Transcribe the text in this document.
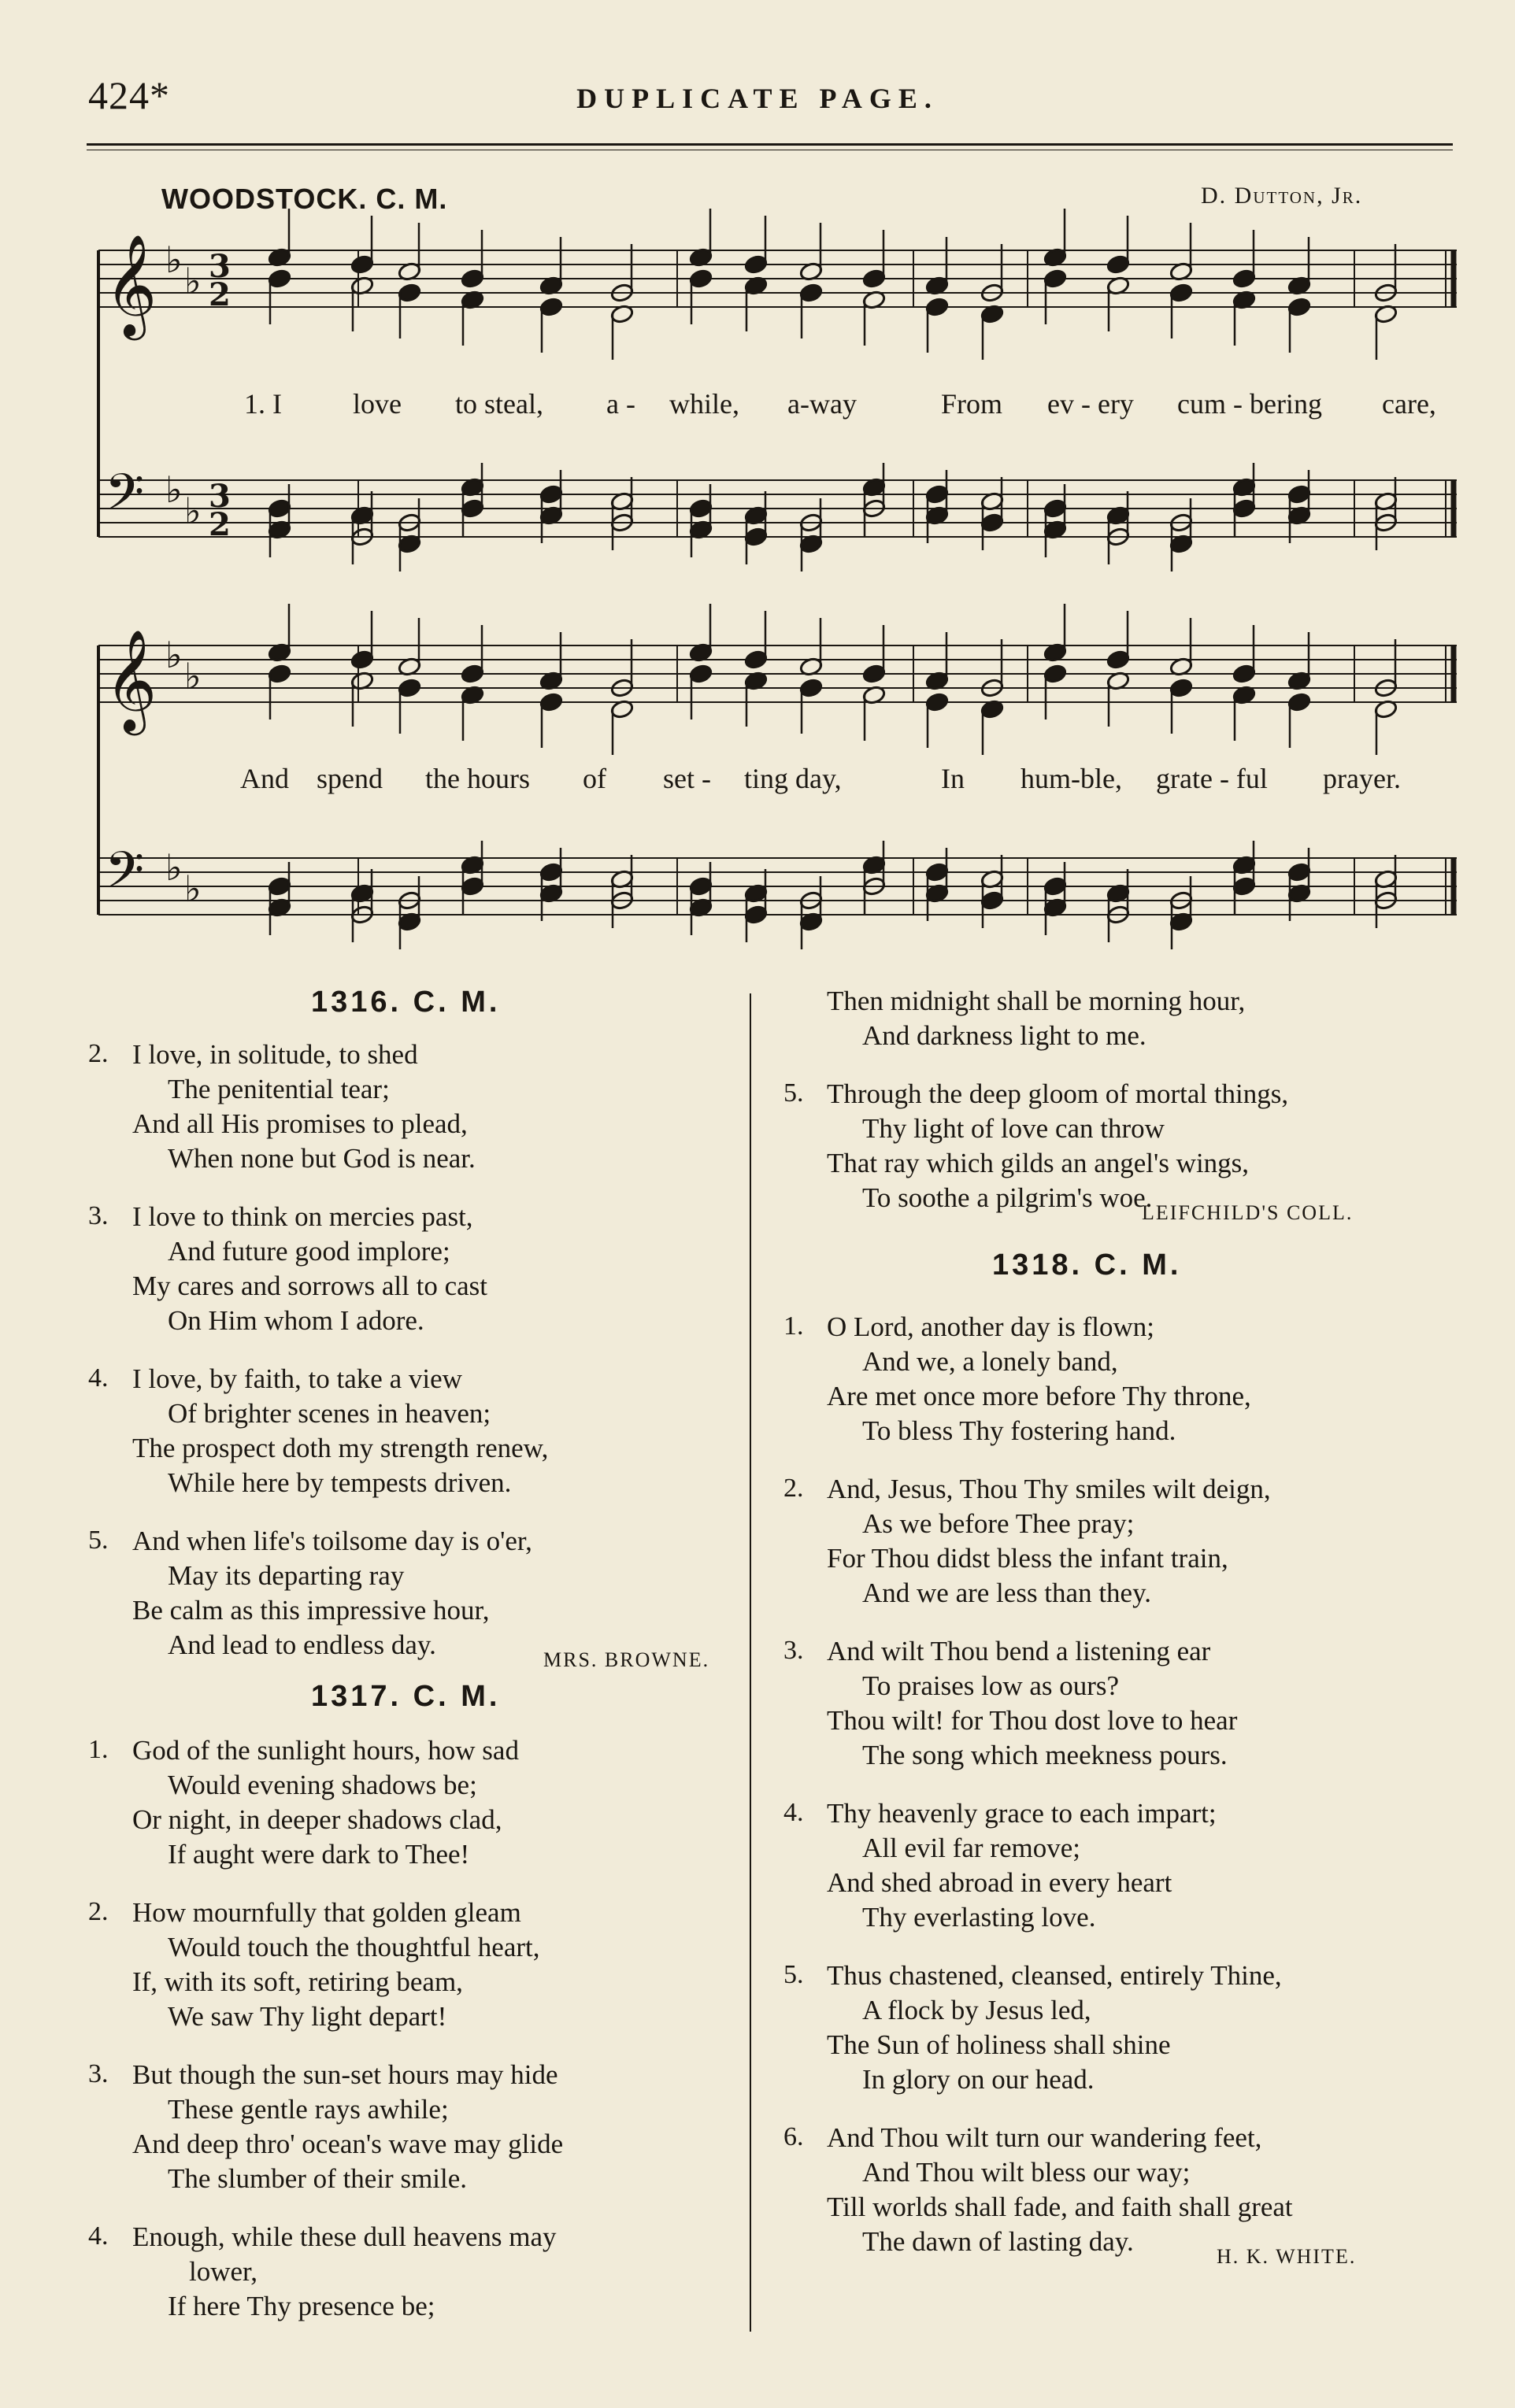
424*	DUPLICATE PAGE.
WOODSTOCK. C. M.	D. Dutton, Jr.
𝄞 ♭ ♭ 3
2
𝄢 ♭ ♭ 3
2
𝄞 ♭ ♭
𝄢 ♭ ♭
1. I	love to steal, a - while, a-way	From ev - ery cum - bering care,
And spend the hours of set - ting day,	In hum-ble, grate - ful prayer.
1316. C. M.
2. I love, in solitude, to shed
The penitential tear;
And all His promises to plead,
When none but God is near.
3. I love to think on mercies past,
And future good implore;
My cares and sorrows all to cast
On Him whom I adore.
4. I love, by faith, to take a view
Of brighter scenes in heaven;
The prospect doth my strength renew,
While here by tempests driven.
5. And when life's toilsome day is o'er,
May its departing ray
Be calm as this impressive hour,
And lead to endless day.	MRS. BROWNE.
1317. C. M.
1. God of the sunlight hours, how sad
Would evening shadows be;
Or night, in deeper shadows clad,
If aught were dark to Thee!
2. How mournfully that golden gleam
Would touch the thoughtful heart,
If, with its soft, retiring beam,
We saw Thy light depart!
3. But though the sun-set hours may hide
These gentle rays awhile;
And deep thro' ocean's wave may glide
The slumber of their smile.
4. Enough, while these dull heavens may
lower,
If here Thy presence be;
Then midnight shall be morning hour,
And darkness light to me.
5. Through the deep gloom of mortal things,
Thy light of love can throw
That ray which gilds an angel's wings,
To soothe a pilgrim's woe.
LEIFCHILD'S COLL.
1318. C. M.
1. O Lord, another day is flown;
And we, a lonely band,
Are met once more before Thy throne,
To bless Thy fostering hand.
2. And, Jesus, Thou Thy smiles wilt deign,
As we before Thee pray;
For Thou didst bless the infant train,
And we are less than they.
3. And wilt Thou bend a listening ear
To praises low as ours?
Thou wilt! for Thou dost love to hear
The song which meekness pours.
4. Thy heavenly grace to each impart;
All evil far remove;
And shed abroad in every heart
Thy everlasting love.
5. Thus chastened, cleansed, entirely Thine,
A flock by Jesus led,
The Sun of holiness shall shine
In glory on our head.
6. And Thou wilt turn our wandering feet,
And Thou wilt bless our way;
Till worlds shall fade, and faith shall great
The dawn of lasting day.	H. K. WHITE.
